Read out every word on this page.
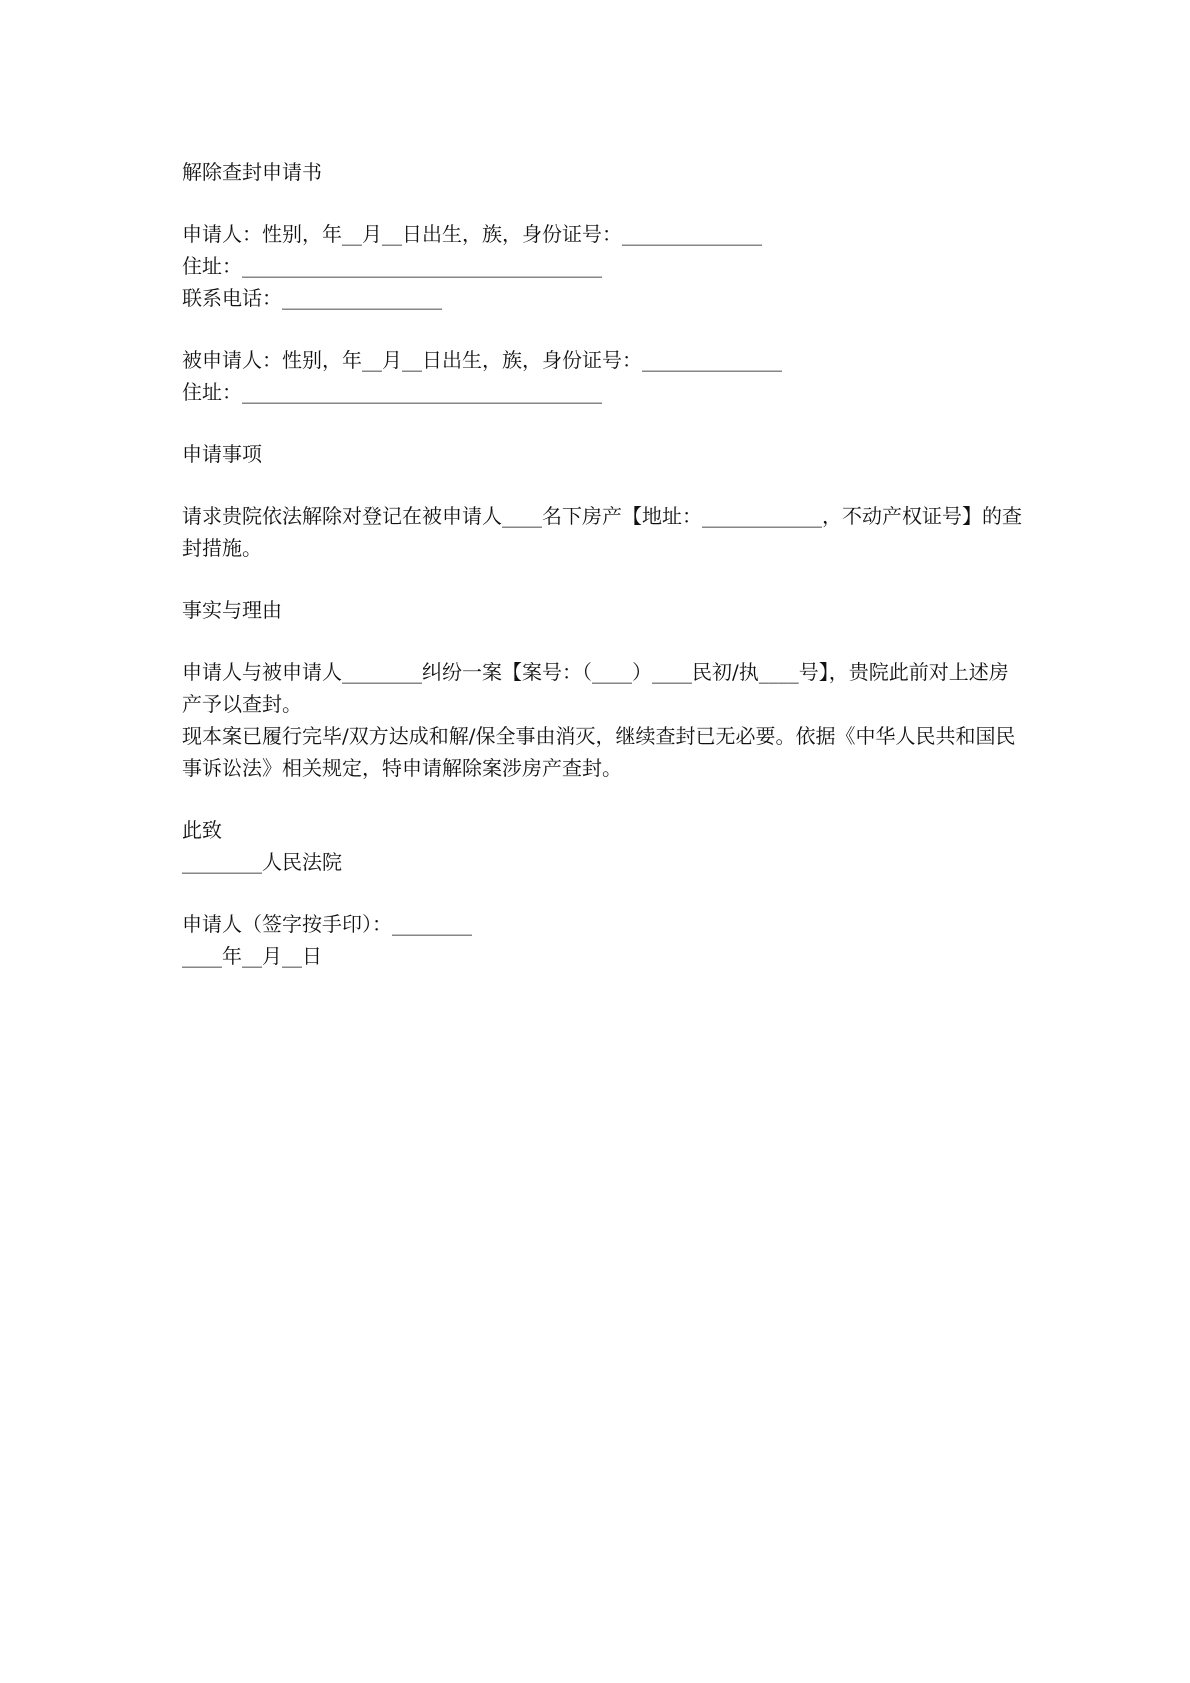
解除查封申请书
申请人：性别，年__月__日出生，族，身份证号：______________
住址：____________________________________
联系电话：________________
被申请人：性别，年__月__日出生，族，身份证号：______________
住址：____________________________________
申请事项
请求贵院依法解除对登记在被申请人____名下房产【地址：____________，不动产权证号】的查封措施。
事实与理由
申请人与被申请人________纠纷一案【案号：（____）____民初/执____号】，贵院此前对上述房产予以查封。
现本案已履行完毕/双方达成和解/保全事由消灭，继续查封已无必要。依据《中华人民共和国民事诉讼法》相关规定，特申请解除案涉房产查封。
此致
________人民法院
申请人（签字按手印）：________
____年__月__日
